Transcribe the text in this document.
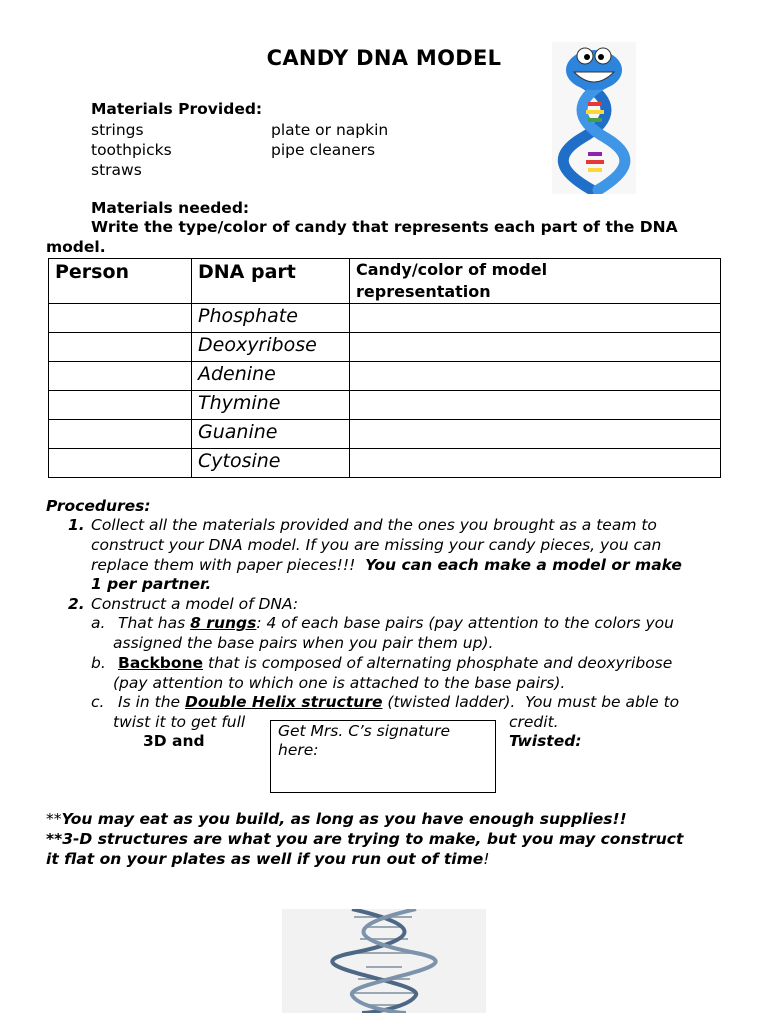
CANDY DNA MODEL
Materials Provided:
strings
toothpicks
straws
plate or napkin
pipe cleaners
Materials needed:
Write the type/color of candy that represents each part of the DNA
model.
Person	DNA part	Candy/color of model
representation
	Phosphate	
	Deoxyribose	
	Adenine	
	Thymine	
	Guanine	
	Cytosine	
Procedures:
1. Collect all the materials provided and the ones you brought as a team to
construct your DNA model. If you are missing your candy pieces, you can
replace them with paper pieces!!!  You can each make a model or make
1 per partner.
2. Construct a model of DNA:
a. That has 8 rungs: 4 of each base pairs (pay attention to the colors you
assigned the base pairs when you pair them up).
b. Backbone that is composed of alternating phosphate and deoxyribose
(pay attention to which one is attached to the base pairs).
c. Is in the Double Helix structure (twisted ladder).  You must be able to
twist it to get full	credit.
3D and	Twisted:
Get Mrs. C’s signature here:
**You may eat as you build, as long as you have enough supplies!!
**3-D structures are what you are trying to make, but you may construct
it flat on your plates as well if you run out of time!
